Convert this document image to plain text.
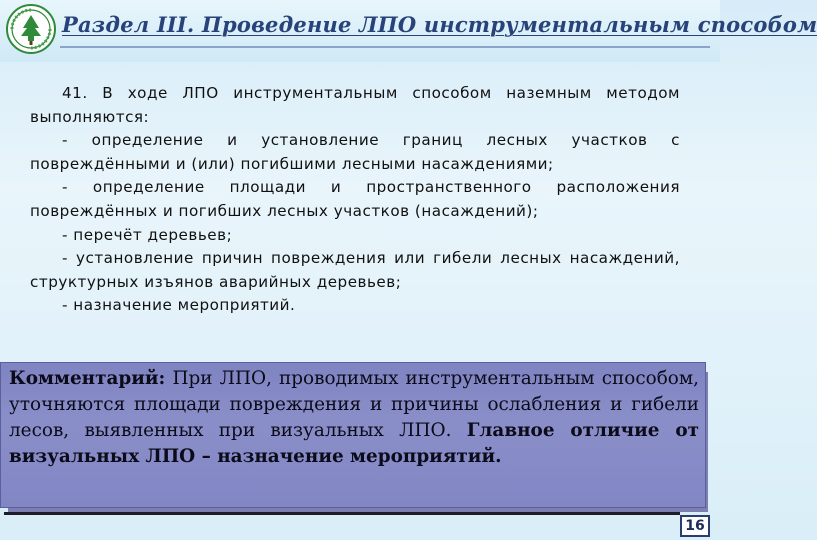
Раздел III. Проведение ЛПО инструментальным способом

41. В ходе ЛПО инструментальным способом наземным методом выполняются:

- определение и установление границ лесных участков с повреждёнными и (или) погибшими лесными насаждениями;

- определение площади и пространственного расположения повреждённых и погибших лесных участков (насаждений);

- перечёт деревьев;

- установление причин повреждения или гибели лесных насаждений, структурных изъянов аварийных деревьев;

- назначение мероприятий.

Комментарий: При ЛПО, проводимых инструментальным способом, уточняются площади повреждения и причины ослабления и гибели лесов, выявленных при визуальных ЛПО. Главное отличие от визуальных ЛПО – назначение мероприятий.

16
